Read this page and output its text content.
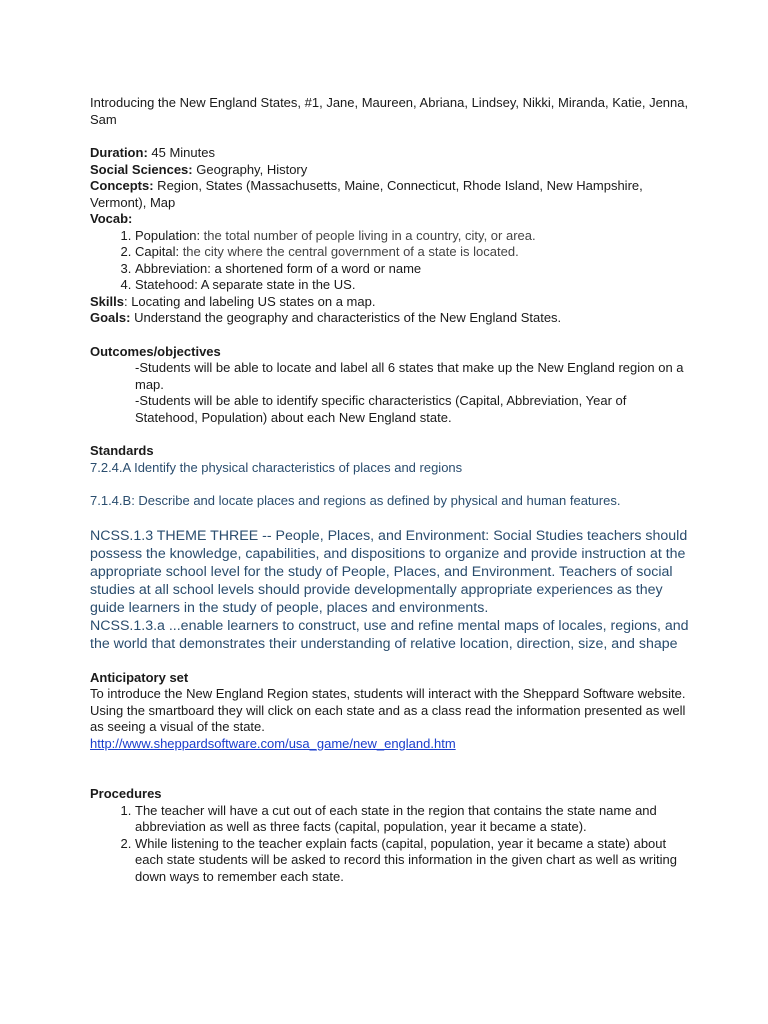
Introducing the New England States, #1, Jane, Maureen, Abriana, Lindsey, Nikki, Miranda, Katie, Jenna, Sam

Duration: 45 Minutes

Social Sciences: Geography, History

Concepts: Region, States (Massachusetts, Maine, Connecticut, Rhode Island, New Hampshire, Vermont), Map

Vocab:

1. Population: the total number of people living in a country, city, or area.
2. Capital: the city where the central government of a state is located.
3. Abbreviation: a shortened form of a word or name
4. Statehood: A separate state in the US.

Skills: Locating and labeling US states on a map.

Goals: Understand the geography and characteristics of the New England States.

Outcomes/objectives

-Students will be able to locate and label all 6 states that make up the New England region on a map.

-Students will be able to identify specific characteristics (Capital, Abbreviation, Year of Statehood, Population) about each New England state.

Standards

7.2.4.A Identify the physical characteristics of places and regions

7.1.4.B: Describe and locate places and regions as defined by physical and human features.

NCSS.1.3 THEME THREE -- People, Places, and Environment: Social Studies teachers should possess the knowledge, capabilities, and dispositions to organize and provide instruction at the appropriate school level for the study of People, Places, and Environment. Teachers of social studies at all school levels should provide developmentally appropriate experiences as they guide learners in the study of people, places and environments.

NCSS.1.3.a ...enable learners to construct, use and refine mental maps of locales, regions, and the world that demonstrates their understanding of relative location, direction, size, and shape

Anticipatory set

To introduce the New England Region states, students will interact with the Sheppard Software website. Using the smartboard they will click on each state and as a class read the information presented as well as seeing a visual of the state.

http://www.sheppardsoftware.com/usa_game/new_england.htm

Procedures

1. The teacher will have a cut out of each state in the region that contains the state name and abbreviation as well as three facts (capital, population, year it became a state).
2. While listening to the teacher explain facts (capital, population, year it became a state) about each state students will be asked to record this information in the given chart as well as writing down ways to remember each state.
